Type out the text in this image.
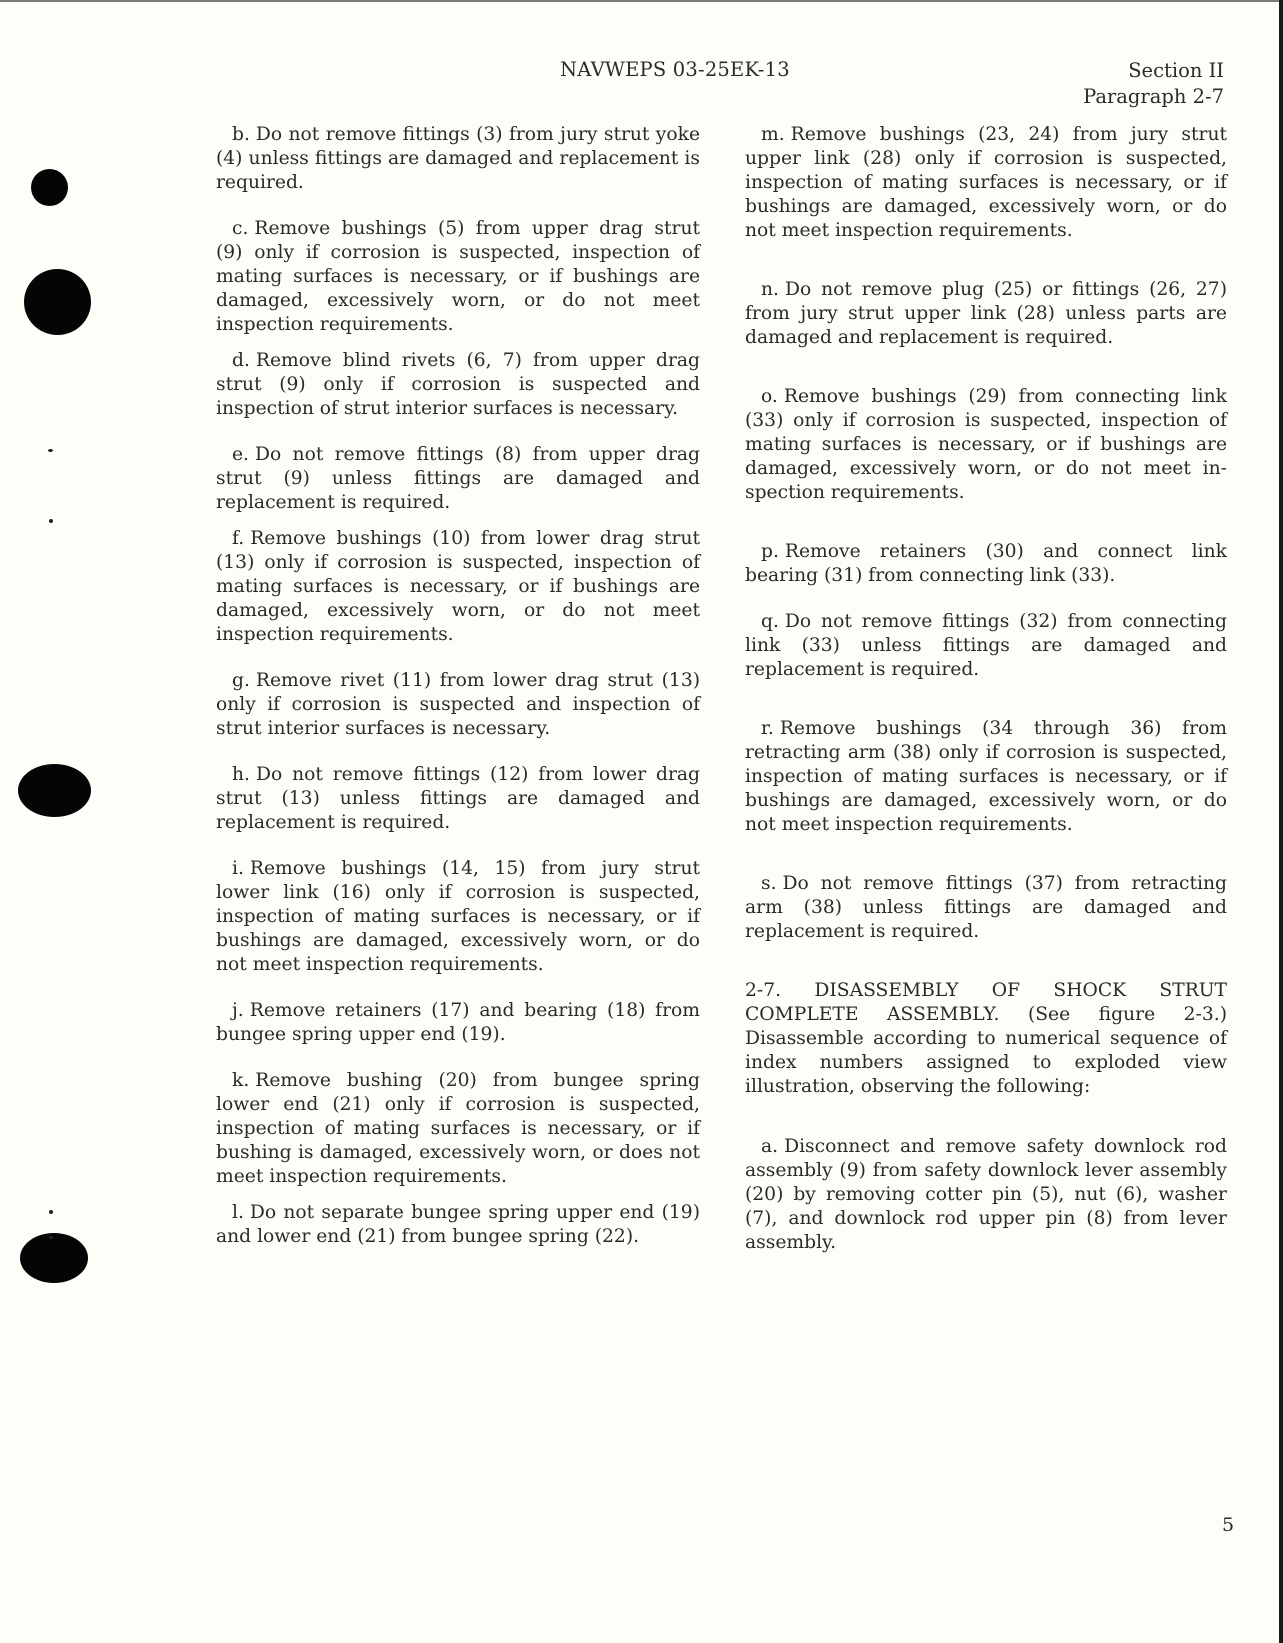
NAVWEPS 03-25EK-13	Section II
Paragraph 2-7

b. Do not remove fittings (3) from jury strut yoke (4) unless fittings are damaged and replacement is required.

c. Remove bushings (5) from upper drag strut (9) only if corrosion is suspected, inspection of mating surfaces is necessary, or if bushings are damaged, excessively worn, or do not meet inspection requirements.

d. Remove blind rivets (6, 7) from upper drag strut (9) only if corrosion is suspected and inspection of strut interior surfaces is necessary.

e. Do not remove fittings (8) from upper drag strut (9) unless fittings are damaged and replacement is required.

f. Remove bushings (10) from lower drag strut (13) only if corrosion is suspected, inspection of mating surfaces is necessary, or if bushings are damaged, excessively worn, or do not meet inspection requirements.

g. Remove rivet (11) from lower drag strut (13) only if corrosion is suspected and inspection of strut interior surfaces is necessary.

h. Do not remove fittings (12) from lower drag strut (13) unless fittings are damaged and replacement is required.

i. Remove bushings (14, 15) from jury strut lower link (16) only if corrosion is suspected, inspection of mating surfaces is necessary, or if bushings are damaged, excessively worn, or do not meet inspection requirements.

j. Remove retainers (17) and bearing (18) from bungee spring upper end (19).

k. Remove bushing (20) from bungee spring lower end (21) only if corrosion is suspected, inspection of mating surfaces is necessary, or if bushing is damaged, excessively worn, or does not meet inspection requirements.

l. Do not separate bungee spring upper end (19) and lower end (21) from bungee spring (22).

m. Remove bushings (23, 24) from jury strut upper link (28) only if corrosion is suspected, inspection of mating surfaces is necessary, or if bushings are damaged, excessively worn, or do not meet inspection requirements.

n. Do not remove plug (25) or fittings (26, 27) from jury strut upper link (28) unless parts are damaged and replacement is required.

o. Remove bushings (29) from connecting link (33) only if corrosion is suspected, inspection of mating surfaces is necessary, or if bushings are damaged, excessively worn, or do not meet inspection requirements.

p. Remove retainers (30) and connect link bearing (31) from connecting link (33).

q. Do not remove fittings (32) from connecting link (33) unless fittings are damaged and replacement is required.

r. Remove bushings (34 through 36) from retracting arm (38) only if corrosion is suspected, inspection of mating surfaces is necessary, or if bushings are damaged, excessively worn, or do not meet inspection requirements.

s. Do not remove fittings (37) from retracting arm (38) unless fittings are damaged and replacement is required.

2-7. DISASSEMBLY OF SHOCK STRUT COMPLETE ASSEMBLY. (See figure 2-3.) Disassemble according to numerical sequence of index numbers assigned to exploded view illustration, observing the following:

a. Disconnect and remove safety downlock rod assembly (9) from safety downlock lever assembly (20) by removing cotter pin (5), nut (6), washer (7), and downlock rod upper pin (8) from lever assembly.

5
